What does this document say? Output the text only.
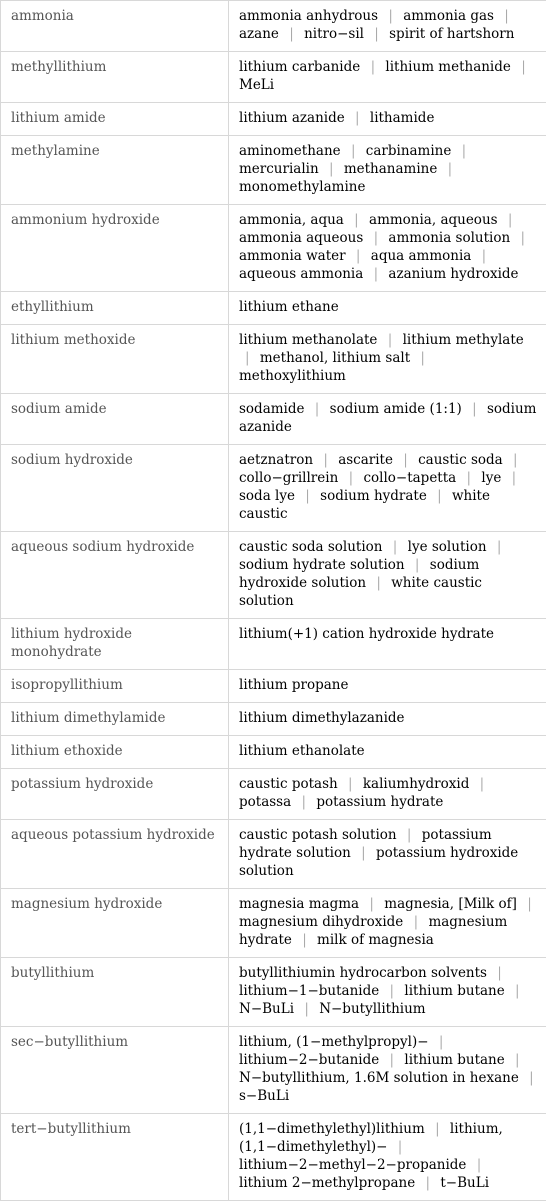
ammonia	ammonia anhydrous | ammonia gas | azane | nitro−sil | spirit of hartshorn
methyllithium	lithium carbanide | lithium methanide | MeLi
lithium amide	lithium azanide | lithamide
methylamine	aminomethane | carbinamine | mercurialin | methanamine | monomethylamine
ammonium hydroxide	ammonia, aqua | ammonia, aqueous | ammonia aqueous | ammonia solution | ammonia water | aqua ammonia | aqueous ammonia | azanium hydroxide
ethyllithium	lithium ethane
lithium methoxide	lithium methanolate | lithium methylate | methanol, lithium salt | methoxylithium
sodium amide	sodamide | sodium amide (1:1) | sodium azanide
sodium hydroxide	aetznatron | ascarite | caustic soda | collo−grillrein | collo−tapetta | lye | soda lye | sodium hydrate | white caustic
aqueous sodium hydroxide	caustic soda solution | lye solution | sodium hydrate solution | sodium hydroxide solution | white caustic solution
lithium hydroxide monohydrate	lithium(+1) cation hydroxide hydrate
isopropyllithium	lithium propane
lithium dimethylamide	lithium dimethylazanide
lithium ethoxide	lithium ethanolate
potassium hydroxide	caustic potash | kaliumhydroxid | potassa | potassium hydrate
aqueous potassium hydroxide	caustic potash solution | potassium hydrate solution | potassium hydroxide solution
magnesium hydroxide	magnesia magma | magnesia, [Milk of] | magnesium dihydroxide | magnesium hydrate | milk of magnesia
butyllithium	butyllithiumin hydrocarbon solvents | lithium−1−butanide | lithium butane | N−BuLi | N−butyllithium
sec−butyllithium	lithium, (1−methylpropyl)− | lithium−2−butanide | lithium butane | N−butyllithium, 1.6M solution in hexane | s−BuLi
tert−butyllithium	(1,1−dimethylethyl)lithium | lithium, (1,1−dimethylethyl)− | lithium−2−methyl−2−propanide | lithium 2−methylpropane | t−BuLi
